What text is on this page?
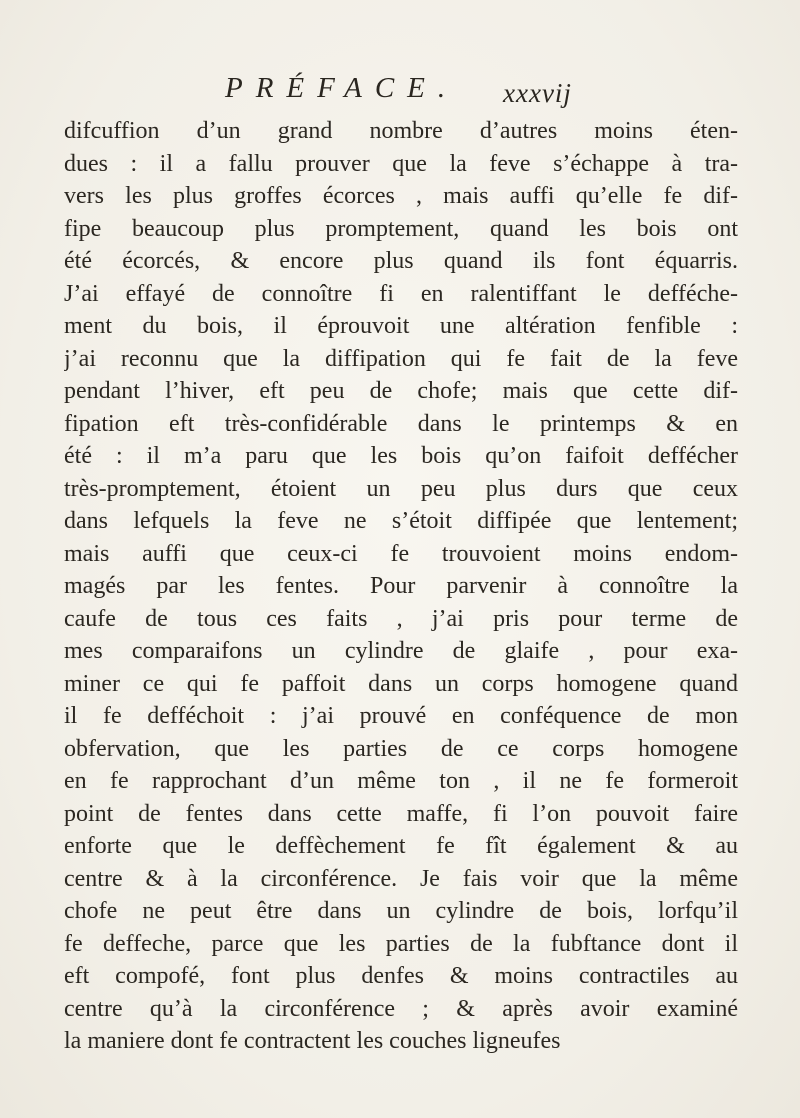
PRÉFACE. xxxvij
difcuffion d’un grand nombre d’autres moins éten-
dues : il a fallu prouver que la feve s’échappe à tra-
vers les plus groffes écorces , mais auffi qu’elle fe dif-
fipe beaucoup plus promptement, quand les bois ont
été écorcés, & encore plus quand ils font équarris.
J’ai effayé de connoître fi en ralentiffant le defféche-
ment du bois, il éprouvoit une altération fenfible :
j’ai reconnu que la diffipation qui fe fait de la feve
pendant l’hiver, eft peu de chofe; mais que cette dif-
fipation eft très-confidérable dans le printemps & en
été : il m’a paru que les bois qu’on faifoit deffécher
très-promptement, étoient un peu plus durs que ceux
dans lefquels la feve ne s’étoit diffipée que lentement;
mais auffi que ceux-ci fe trouvoient moins endom-
magés par les fentes. Pour parvenir à connoître la
caufe de tous ces faits , j’ai pris pour terme de
mes comparaifons un cylindre de glaife , pour exa-
miner ce qui fe paffoit dans un corps homogene quand
il fe defféchoit : j’ai prouvé en conféquence de mon
obfervation, que les parties de ce corps homogene
en fe rapprochant d’un même ton , il ne fe formeroit
point de fentes dans cette maffe, fi l’on pouvoit faire
enforte que le deffèchement fe fît également & au
centre & à la circonférence. Je fais voir que la même
chofe ne peut être dans un cylindre de bois, lorfqu’il
fe deffeche, parce que les parties de la fubftance dont il
eft compofé, font plus denfes & moins contractiles au
centre qu’à la circonférence ; & après avoir examiné
la maniere dont fe contractent les couches ligneufes
